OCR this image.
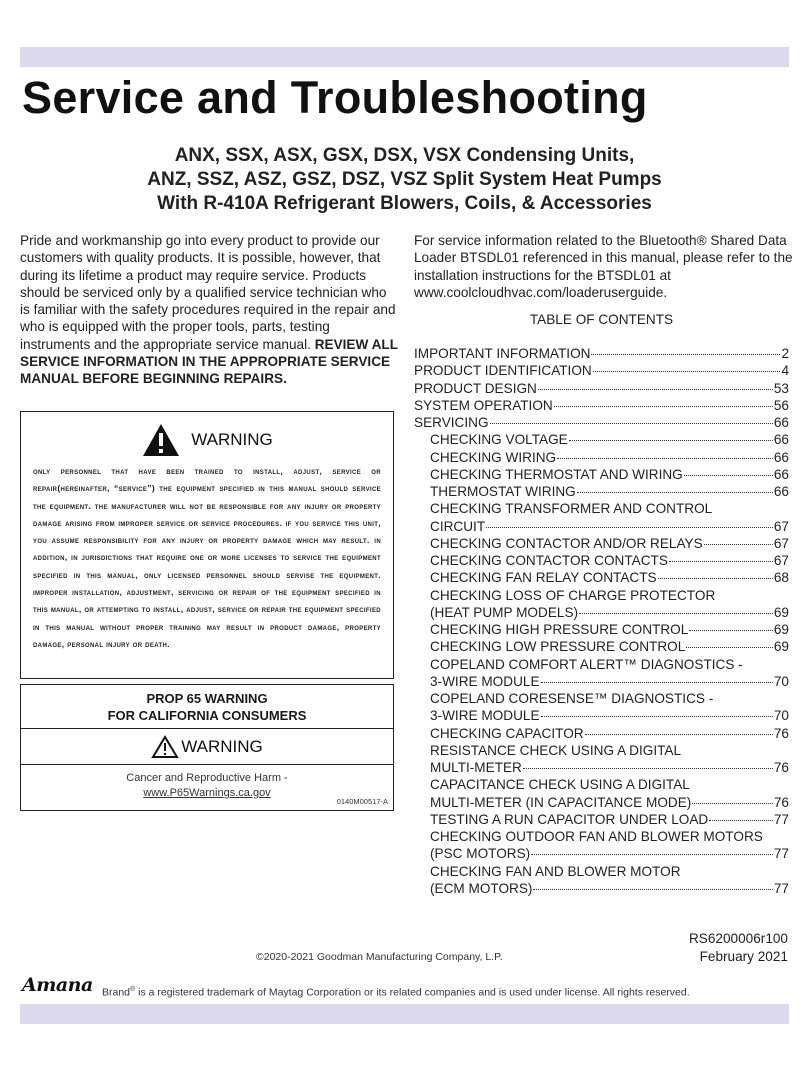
Service and Troubleshooting
ANX, SSX, ASX, GSX, DSX, VSX Condensing Units,
ANZ, SSZ, ASZ, GSZ, DSZ, VSZ Split System Heat Pumps
With R-410A Refrigerant Blowers, Coils, & Accessories
Pride and workmanship go into every product to provide our customers with quality products. It is possible, however, that during its lifetime a product may require service. Products should be serviced only by a qualified service technician who is familiar with the safety procedures required in the repair and who is equipped with the proper tools, parts, testing instruments and the appropriate service manual. REVIEW ALL SERVICE INFORMATION IN THE APPROPRIATE SERVICE MANUAL BEFORE BEGINNING REPAIRS.
WARNING
only personnel that have been trained to install, adjust, service or repair(hereinafter, “service”) the equipment specified in this manual should service the equipment. the manufacturer will not be responsible for any injury or property damage arising from improper service or service procedures. if you service this unit, you assume responsibility for any injury or property damage which may result. in addition, in jurisdictions that require one or more licenses to service the equipment specified in this manual, only licensed personnel should servise the equipment. improper installation, adjustment, servicing or repair of the equipment specified in this manual, or attempting to install, adjust, service or repair the equipment specified in this manual without proper training may result in product damage, property damage, personal injury or death.
PROP 65 WARNING
FOR CALIFORNIA CONSUMERS
WARNING
Cancer and Reproductive Harm -
www.P65Warnings.ca.gov
0140M00517-A
For service information related to the Bluetooth® Shared Data Loader BTSDL01 referenced in this manual, please refer to the installation instructions for the BTSDL01 at www.coolcloudhvac.com/loaderuserguide.
TABLE OF CONTENTS
IMPORTANT INFORMATION	2
PRODUCT IDENTIFICATION	4
PRODUCT DESIGN	53
SYSTEM OPERATION	56
SERVICING	66
CHECKING VOLTAGE	66
CHECKING WIRING	66
CHECKING THERMOSTAT AND WIRING	66
THERMOSTAT WIRING	66
CHECKING TRANSFORMER AND CONTROL
CIRCUIT	67
CHECKING CONTACTOR AND/OR RELAYS	67
CHECKING CONTACTOR CONTACTS	67
CHECKING FAN RELAY CONTACTS	68
CHECKING LOSS OF CHARGE PROTECTOR
(HEAT PUMP MODELS)	69
CHECKING HIGH PRESSURE CONTROL	69
CHECKING LOW PRESSURE CONTROL	69
COPELAND COMFORT ALERT™ DIAGNOSTICS -
3-WIRE MODULE	70
COPELAND CORESENSE™ DIAGNOSTICS -
3-WIRE MODULE	70
CHECKING CAPACITOR	76
RESISTANCE CHECK USING A DIGITAL
MULTI-METER	76
CAPACITANCE CHECK USING A DIGITAL
MULTI-METER (IN CAPACITANCE MODE)	76
TESTING A RUN CAPACITOR UNDER LOAD	77
CHECKING OUTDOOR FAN AND BLOWER MOTORS
(PSC MOTORS)	77
CHECKING FAN AND BLOWER MOTOR
(ECM MOTORS)	77
RS6200006r100
February 2021
©2020-2021 Goodman Manufacturing Company, L.P.
Amana Brand® is a registered trademark of Maytag Corporation or its related companies and is used under license. All rights reserved.
